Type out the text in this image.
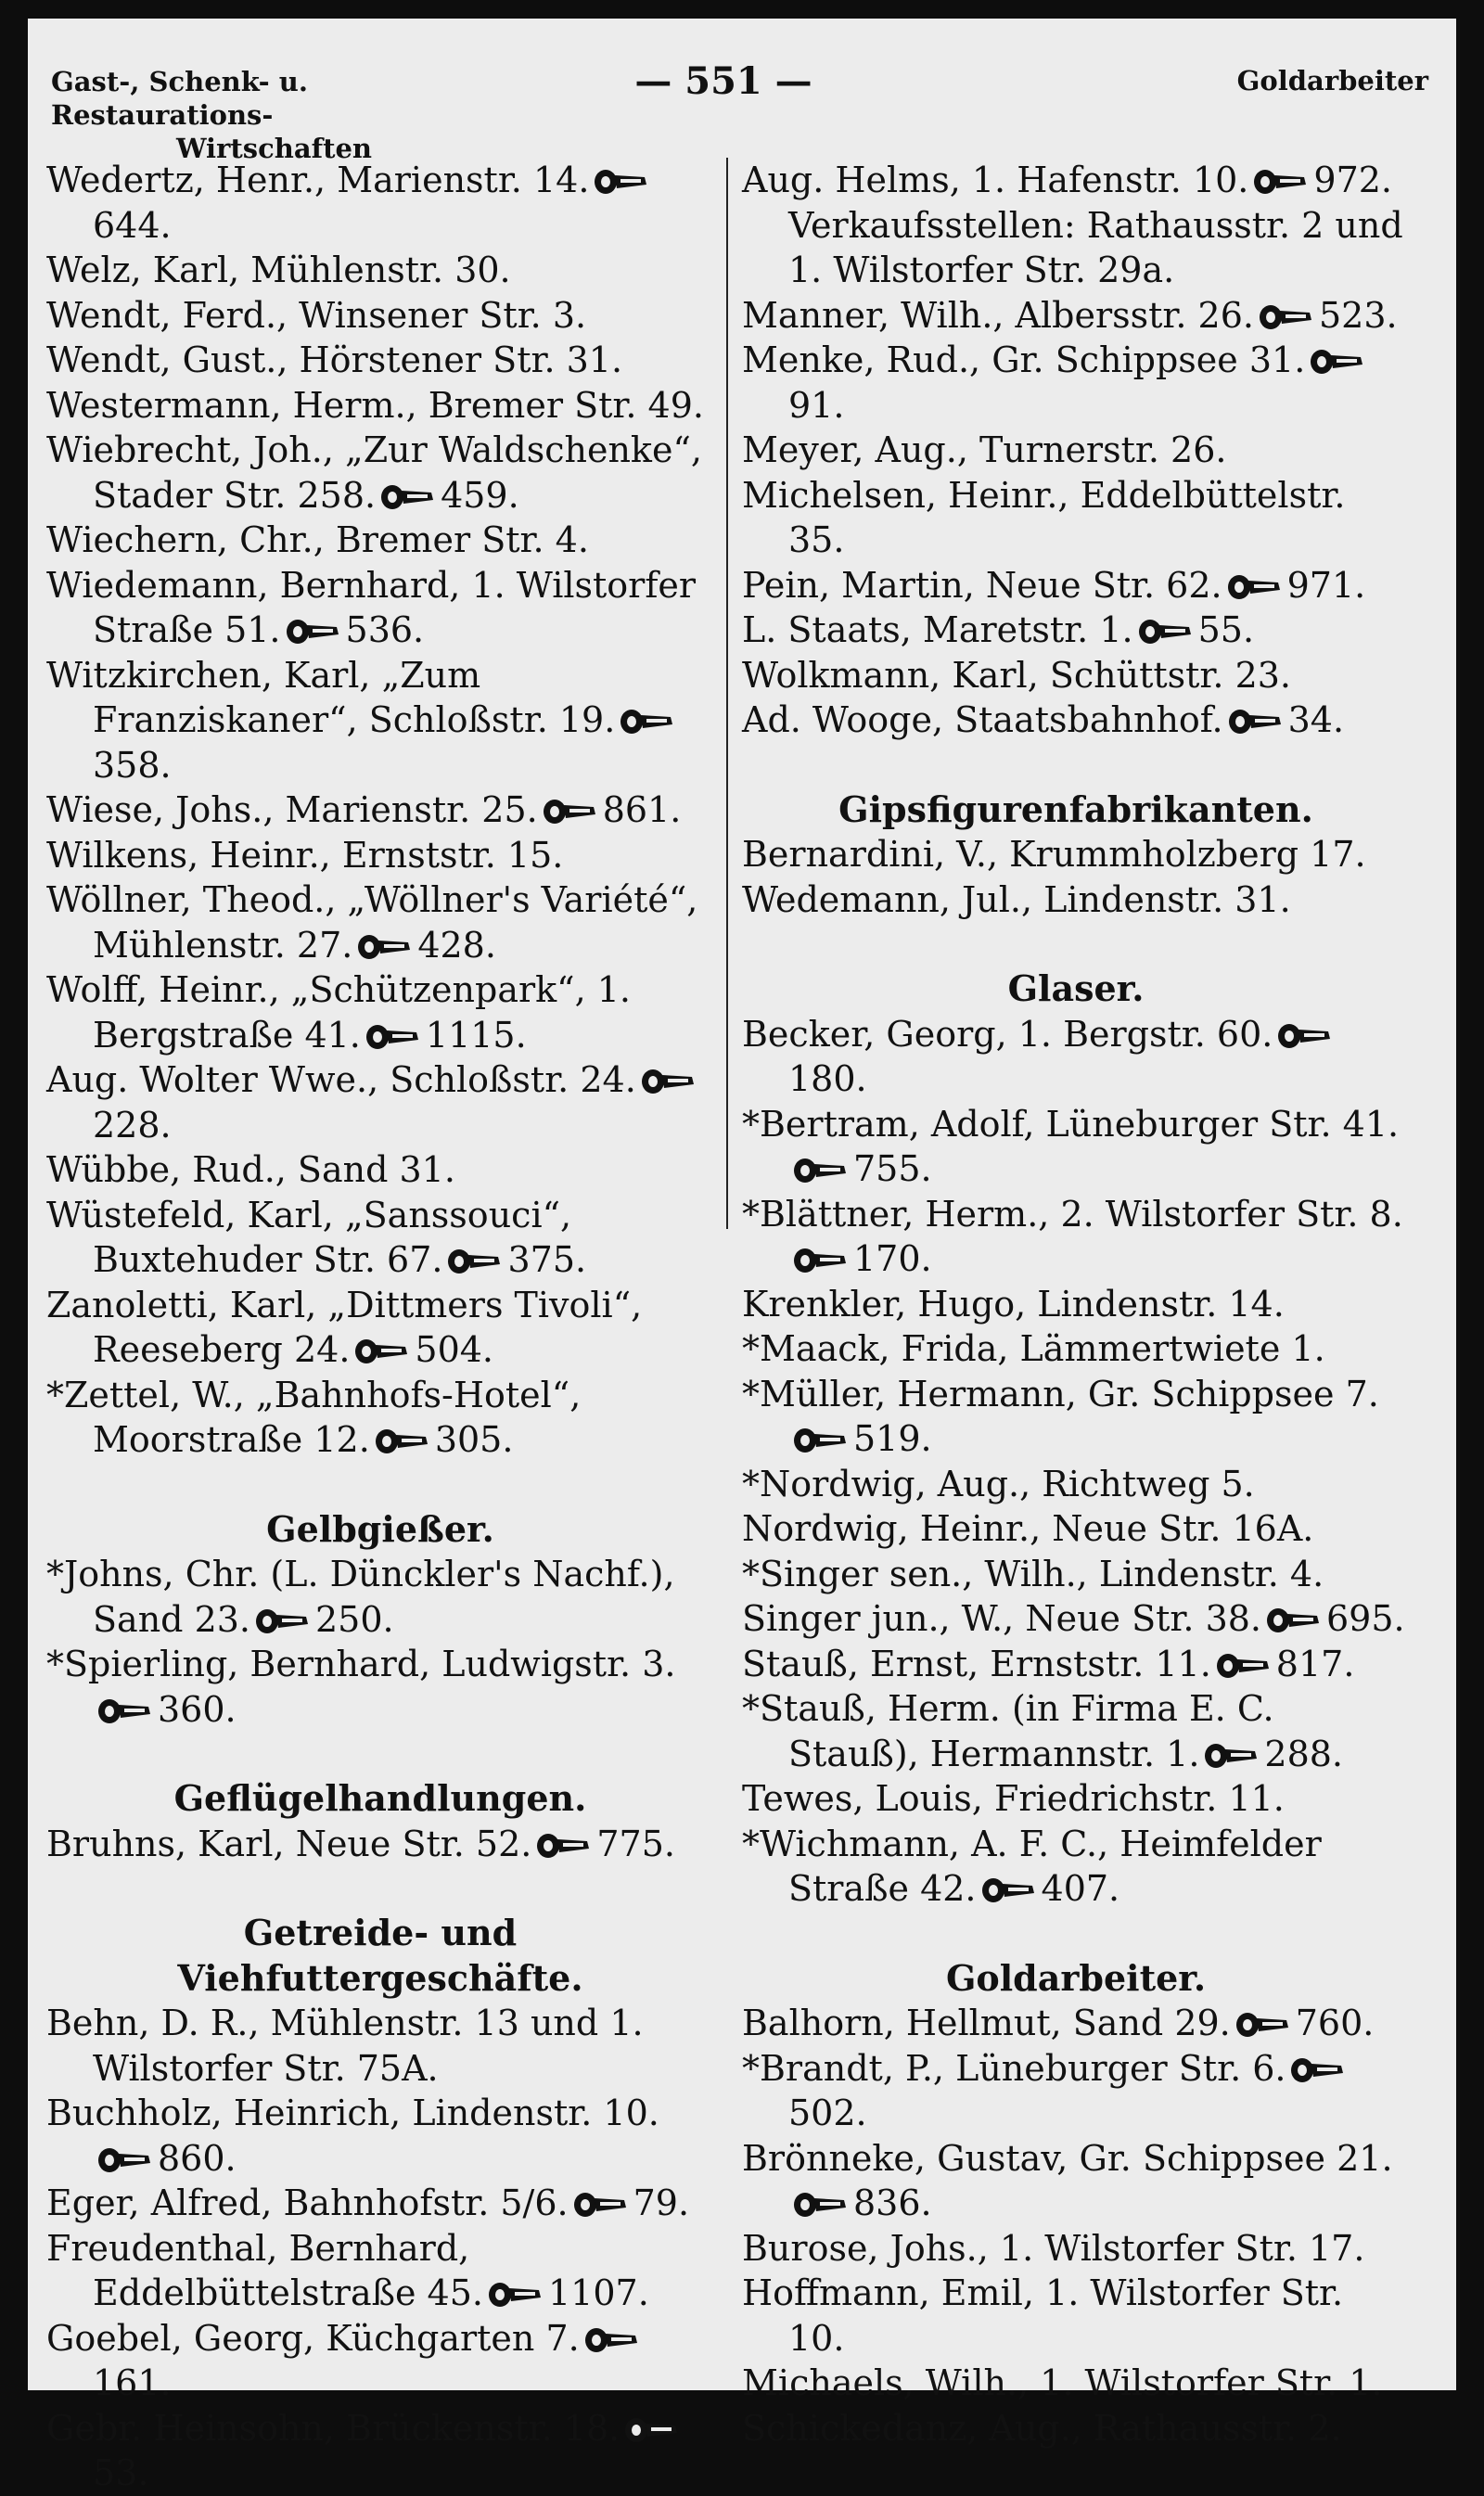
Gast-, Schenk- u. Restaurations-
Wirtschaften
— 551 —	Goldarbeiter

Wedertz, Henr., Marienstr. 14.
644.

Welz, Karl, Mühlenstr. 30.

Wendt, Ferd., Winsener Str. 3.

Wendt, Gust., Hörstener Str. 31.

Westermann, Herm., Bremer Str. 49.

Wiebrecht, Joh., „Zur Waldschenke“, Stader Str. 258. 459.

Wiechern, Chr., Bremer Str. 4.

Wiedemann, Bernhard, 1. Wilstorfer Straße 51. 536.

Witzkirchen, Karl, „Zum Franziskaner“, Schloßstr. 19.
358.

Wiese, Johs., Marienstr. 25. 861.

Wilkens, Heinr., Ernststr. 15.

Wöllner, Theod., „Wöllner's Variété“, Mühlenstr. 27. 428.

Wolff, Heinr., „Schützenpark“, 1. Bergstraße 41. 1115.

Aug. Wolter Wwe., Schloßstr. 24.
228.

Wübbe, Rud., Sand 31.

Wüstefeld, Karl, „Sanssouci“, Buxtehuder Str. 67. 375.

Zanoletti, Karl, „Dittmers Tivoli“, Reeseberg 24. 504.

*Zettel, W., „Bahnhofs-Hotel“, Moorstraße 12. 305.

Gelbgießer.

*Johns, Chr. (L. Dünckler's Nachf.), Sand 23. 250.

*Spierling, Bernhard, Ludwigstr. 3.
360.

Geflügelhandlungen.

Bruhns, Karl, Neue Str. 52. 775.

Getreide- und Viehfuttergeschäfte.

Behn, D. R., Mühlenstr. 13 und 1. Wilstorfer Str. 75A.

Buchholz, Heinrich, Lindenstr. 10.
860.

Eger, Alfred, Bahnhofstr. 5/6. 79.

Freudenthal, Bernhard, Eddelbüttelstraße 45. 1107.

Goebel, Georg, Küchgarten 7.
161.

Gebr. Heinsohn, Brückenstr. 18.
53.

Aug. Helms, 1. Hafenstr. 10. 972.
Verkaufsstellen: Rathausstr. 2 und 1. Wilstorfer Str. 29a.

Manner, Wilh., Albersstr. 26. 523.

Menke, Rud., Gr. Schippsee 31.
91.

Meyer, Aug., Turnerstr. 26.

Michelsen, Heinr., Eddelbüttelstr. 35.

Pein, Martin, Neue Str. 62. 971.

L. Staats, Maretstr. 1. 55.

Wolkmann, Karl, Schüttstr. 23.

Ad. Wooge, Staatsbahnhof. 34.

Gipsfigurenfabrikanten.

Bernardini, V., Krummholzberg 17.

Wedemann, Jul., Lindenstr. 31.

Glaser.

Becker, Georg, 1. Bergstr. 60.
180.

*Bertram, Adolf, Lüneburger Str. 41.
755.

*Blättner, Herm., 2. Wilstorfer Str. 8.
170.

Krenkler, Hugo, Lindenstr. 14.

*Maack, Frida, Lämmertwiete 1.

*Müller, Hermann, Gr. Schippsee 7.
519.

*Nordwig, Aug., Richtweg 5.

Nordwig, Heinr., Neue Str. 16A.

*Singer sen., Wilh., Lindenstr. 4.

Singer jun., W., Neue Str. 38. 695.

Stauß, Ernst, Ernststr. 11. 817.

*Stauß, Herm. (in Firma E. C. Stauß), Hermannstr. 1. 288.

Tewes, Louis, Friedrichstr. 11.

*Wichmann, A. F. C., Heimfelder Straße 42. 407.

Goldarbeiter.

Balhorn, Hellmut, Sand 29. 760.

*Brandt, P., Lüneburger Str. 6.
502.

Brönneke, Gustav, Gr. Schippsee 21.
836.

Burose, Johs., 1. Wilstorfer Str. 17.

Hoffmann, Emil, 1. Wilstorfer Str. 10.

Michaels, Wilh., 1. Wilstorfer Str. 1.

Schickedanz, Aug., Rathausstr. 2.
